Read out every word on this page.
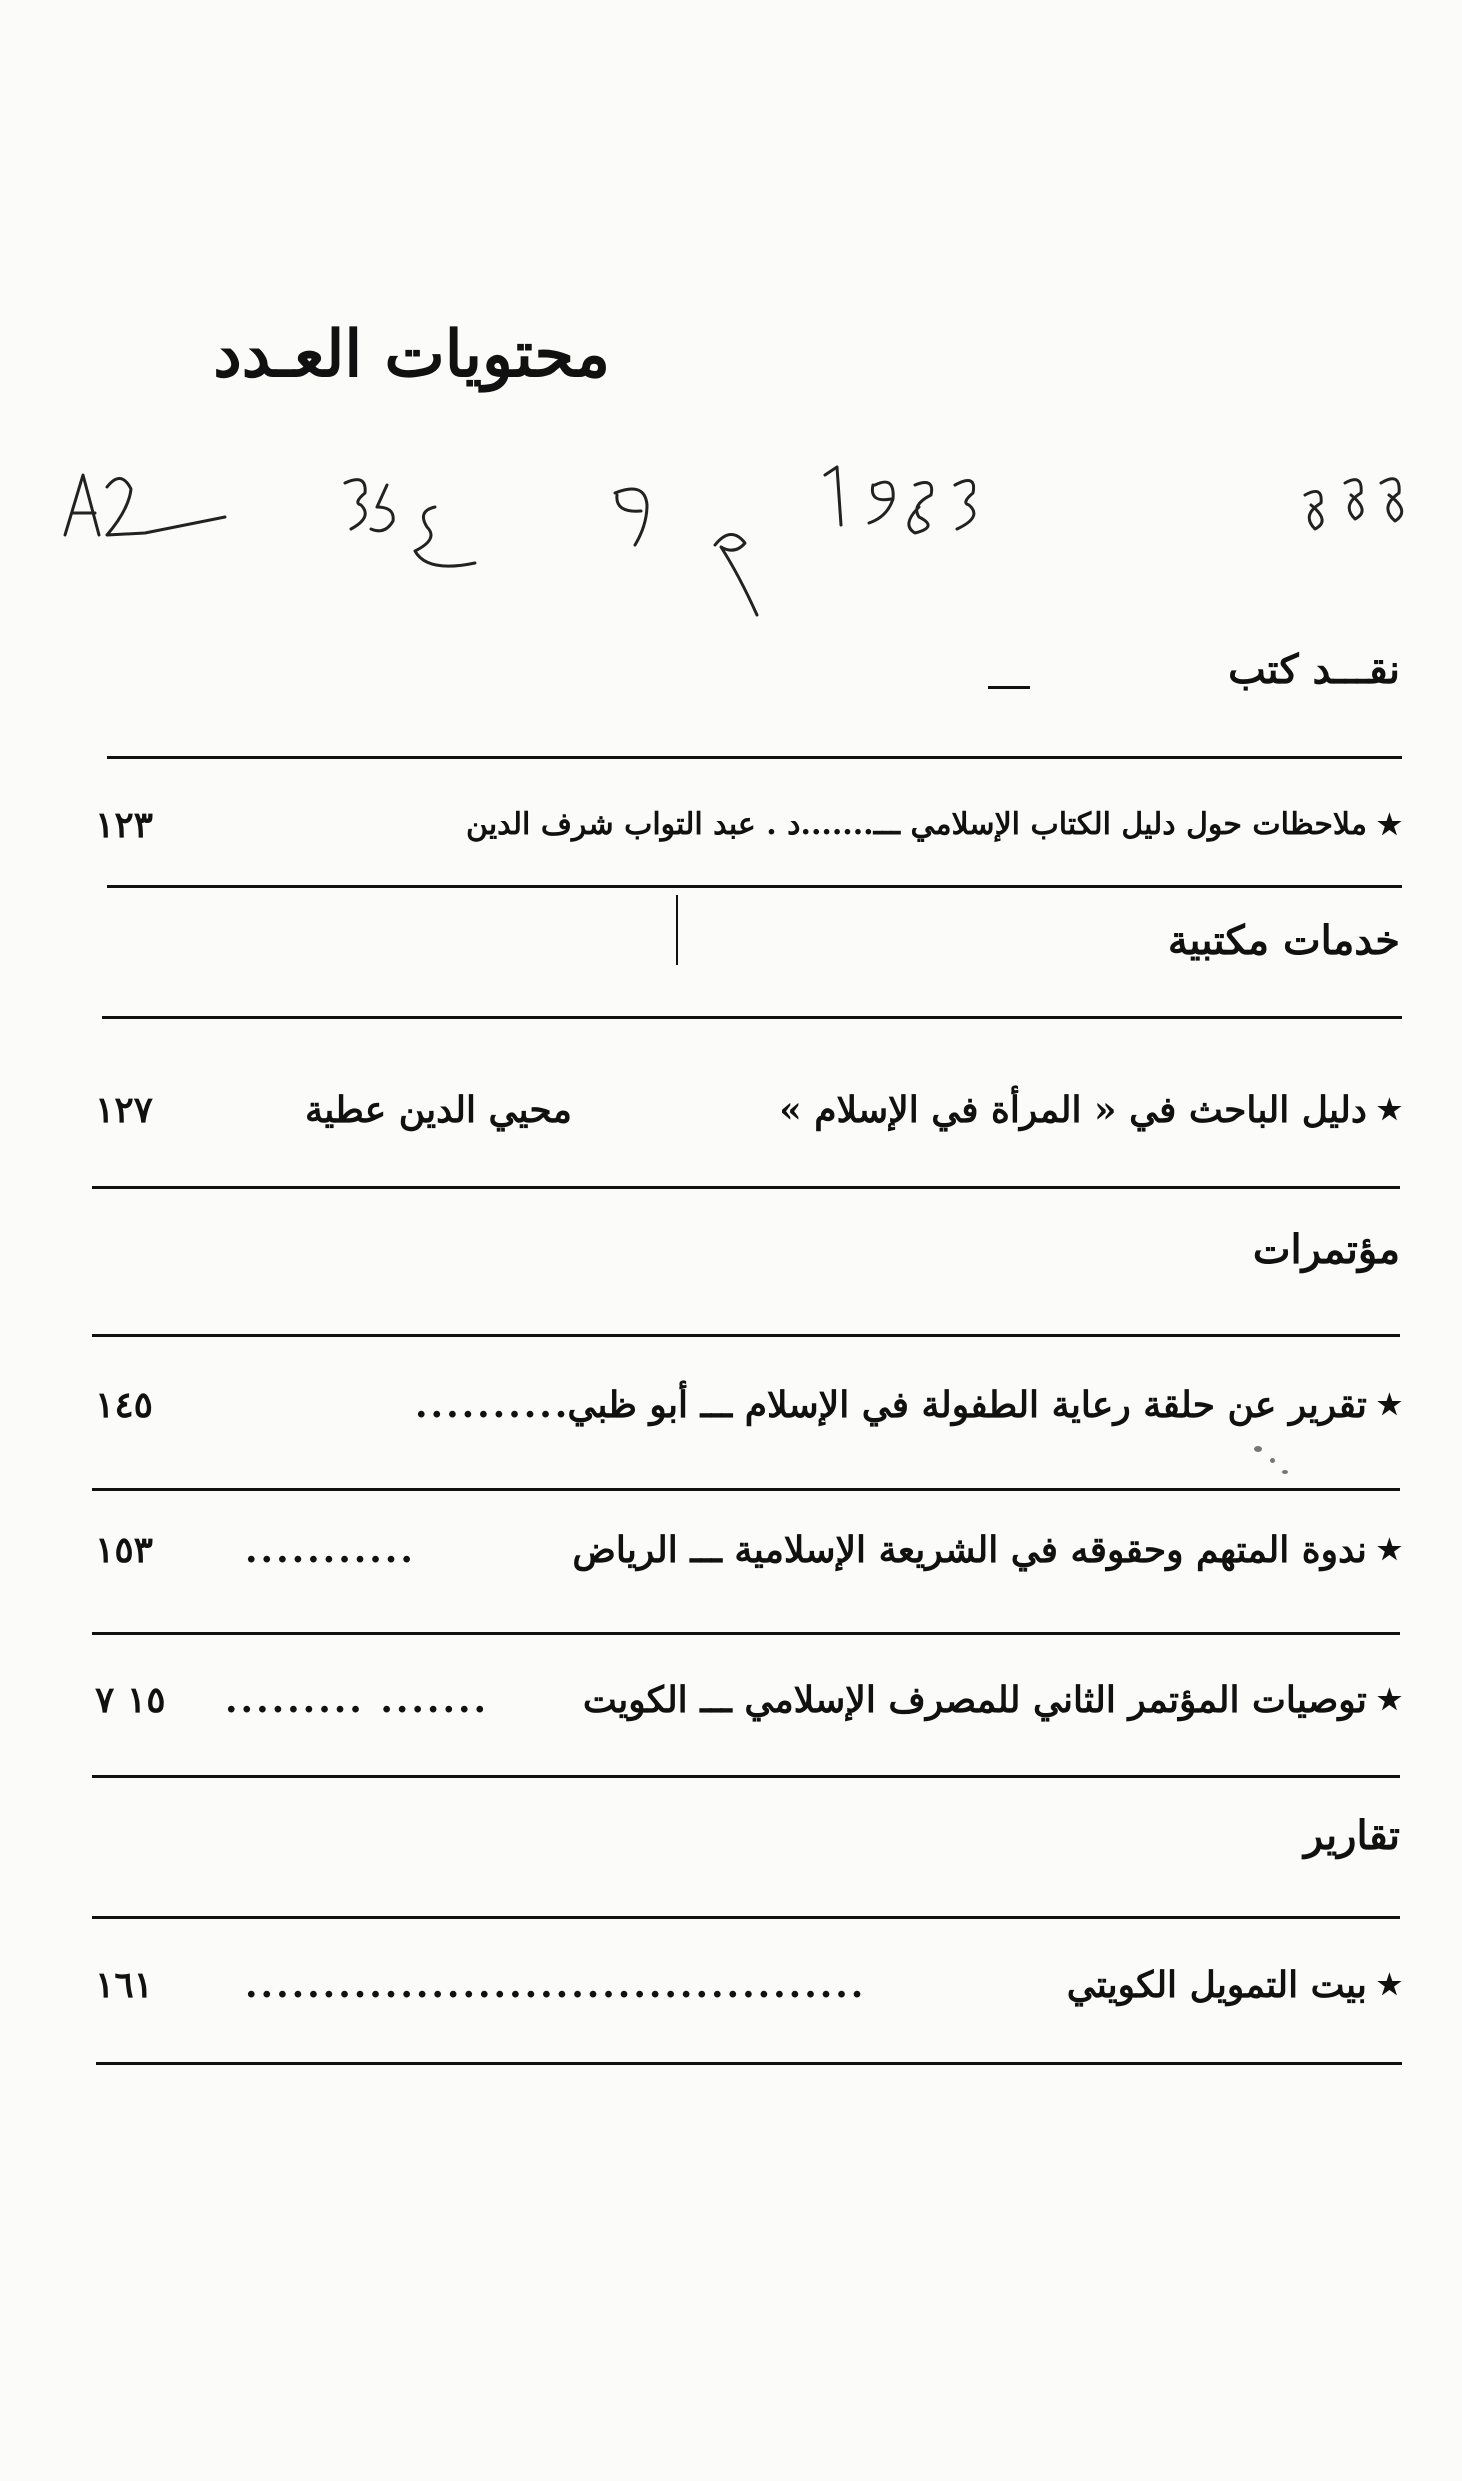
محتويات العـدد
نقـــد كتب
★ملاحظات حول دليل الكتاب الإسلامي ـــ.......د . عبد التواب شرف الدين
١٢٣
خدمات مكتبية
★دليل الباحث في « المرأة في الإسلام »
محيي الدين عطية
١٢٧
مؤتمرات
★تقرير عن حلقة رعاية الطفولة في الإسلام ـــ أبو ظبي
..........
١٤٥
★ندوة المتهم وحقوقه في الشريعة الإسلامية ـــ الرياض
...........
١٥٣
★توصيات المؤتمر الثاني للمصرف الإسلامي ـــ الكويت
....... .........
١٥ ٧
تقارير
★بيت التمويل الكويتي
........................................
١٦١
